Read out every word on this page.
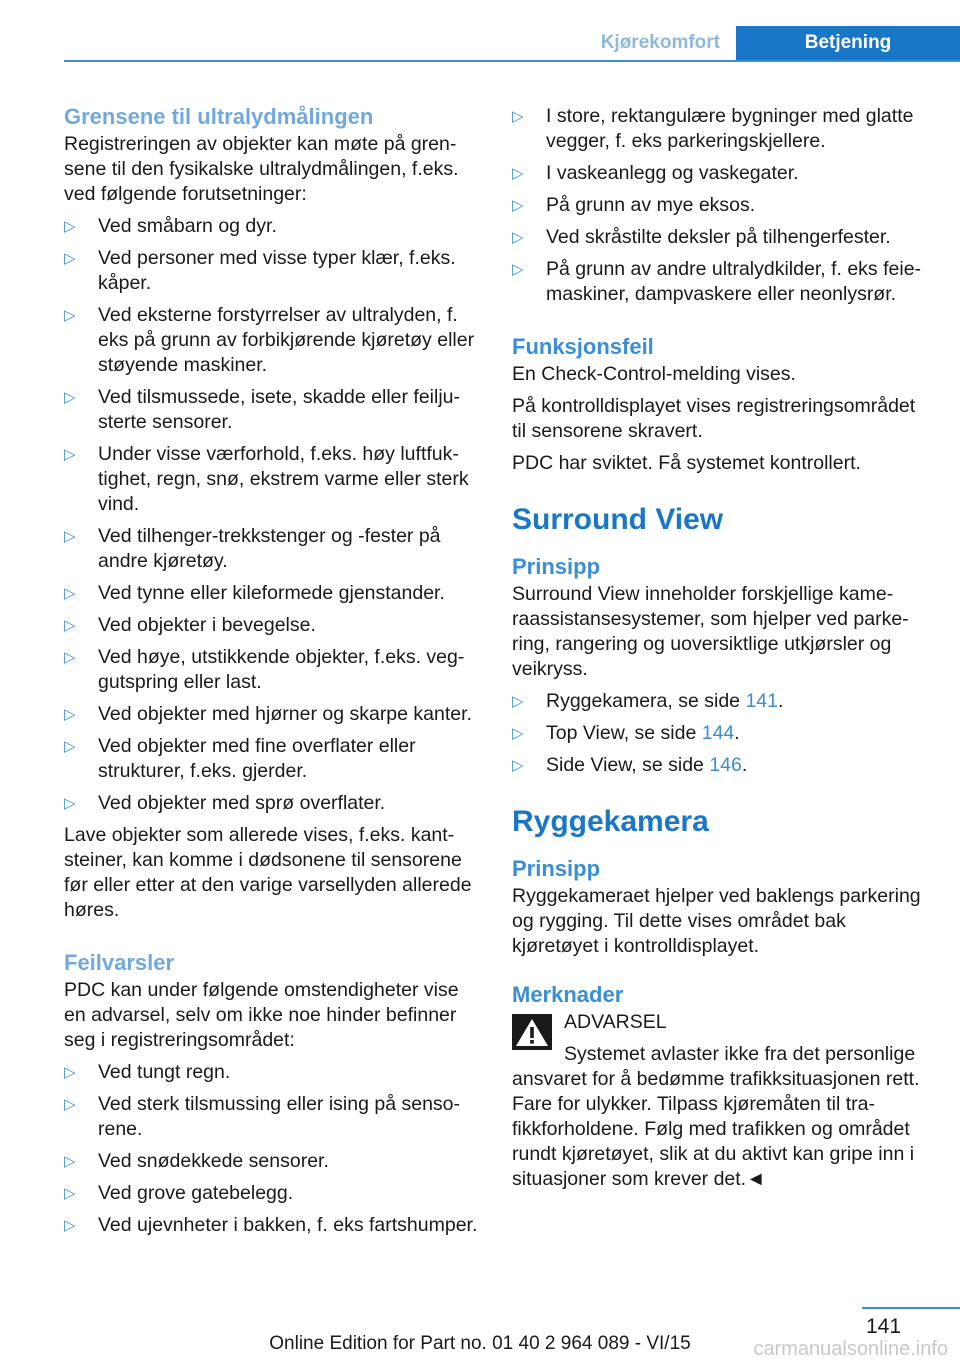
Kjørekomfort	Betjening
Grensene til ultralydmålingen

Registreringen av objekter kan møte på grensene til den fysikalske ultralydmålingen, f.eks. ved følgende forutsetninger:

▷ Ved småbarn og dyr.
▷ Ved personer med visse typer klær, f.eks. kåper.
▷ Ved eksterne forstyrrelser av ultralyden, f. eks på grunn av forbikjørende kjøretøy eller støyende maskiner.
▷ Ved tilsmussede, isete, skadde eller feiljusterte sensorer.
▷ Under visse værforhold, f.eks. høy luftfuktighet, regn, snø, ekstrem varme eller sterk vind.
▷ Ved tilhenger-trekkstenger og -fester på andre kjøretøy.
▷ Ved tynne eller kileformede gjenstander.
▷ Ved objekter i bevegelse.
▷ Ved høye, utstikkende objekter, f.eks. veggutspring eller last.
▷ Ved objekter med hjørner og skarpe kanter.
▷ Ved objekter med fine overflater eller strukturer, f.eks. gjerder.
▷ Ved objekter med sprø overflater.

Lave objekter som allerede vises, f.eks. kantsteiner, kan komme i dødsonene til sensorene før eller etter at den varige varsellyden allerede høres.

Feilvarsler

PDC kan under følgende omstendigheter vise en advarsel, selv om ikke noe hinder befinner seg i registreringsområdet:

▷ Ved tungt regn.
▷ Ved sterk tilsmussing eller ising på sensorene.
▷ Ved snødekkede sensorer.
▷ Ved grove gatebelegg.
▷ Ved ujevnheter i bakken, f. eks fartshumper.
▷ I store, rektangulære bygninger med glatte vegger, f. eks parkeringskjellere.
▷ I vaskeanlegg og vaskegater.
▷ På grunn av mye eksos.
▷ Ved skråstilte deksler på tilhengerfester.
▷ På grunn av andre ultralydkilder, f. eks feiemaskiner, dampvaskere eller neonlysrør.
Funksjonsfeil

En Check-Control-melding vises.

På kontrolldisplayet vises registreringsområdet til sensorene skravert.

PDC har sviktet. Få systemet kontrollert.

Surround View
Prinsipp

Surround View inneholder forskjellige kameraassistansesystemer, som hjelper ved parkering, rangering og uoversiktlige utkjørsler og veikryss.

▷ Ryggekamera, se side 141.
▷ Top View, se side 144.
▷ Side View, se side 146.
Ryggekamera
Prinsipp

Ryggekameraet hjelper ved baklengs parkering og rygging. Til dette vises området bak kjøretøyet i kontrolldisplayet.

Merknader

ADVARSEL

Systemet avlaster ikke fra det personlige ansvaret for å bedømme trafikksituasjonen rett. Fare for ulykker. Tilpass kjøremåten til trafikkforholdene. Følg med trafikken og området rundt kjøretøyet, slik at du aktivt kan gripe inn i situasjoner som krever det.◄

141
Online Edition for Part no. 01 40 2 964 089 - VI/15	carmanualsonline.info
